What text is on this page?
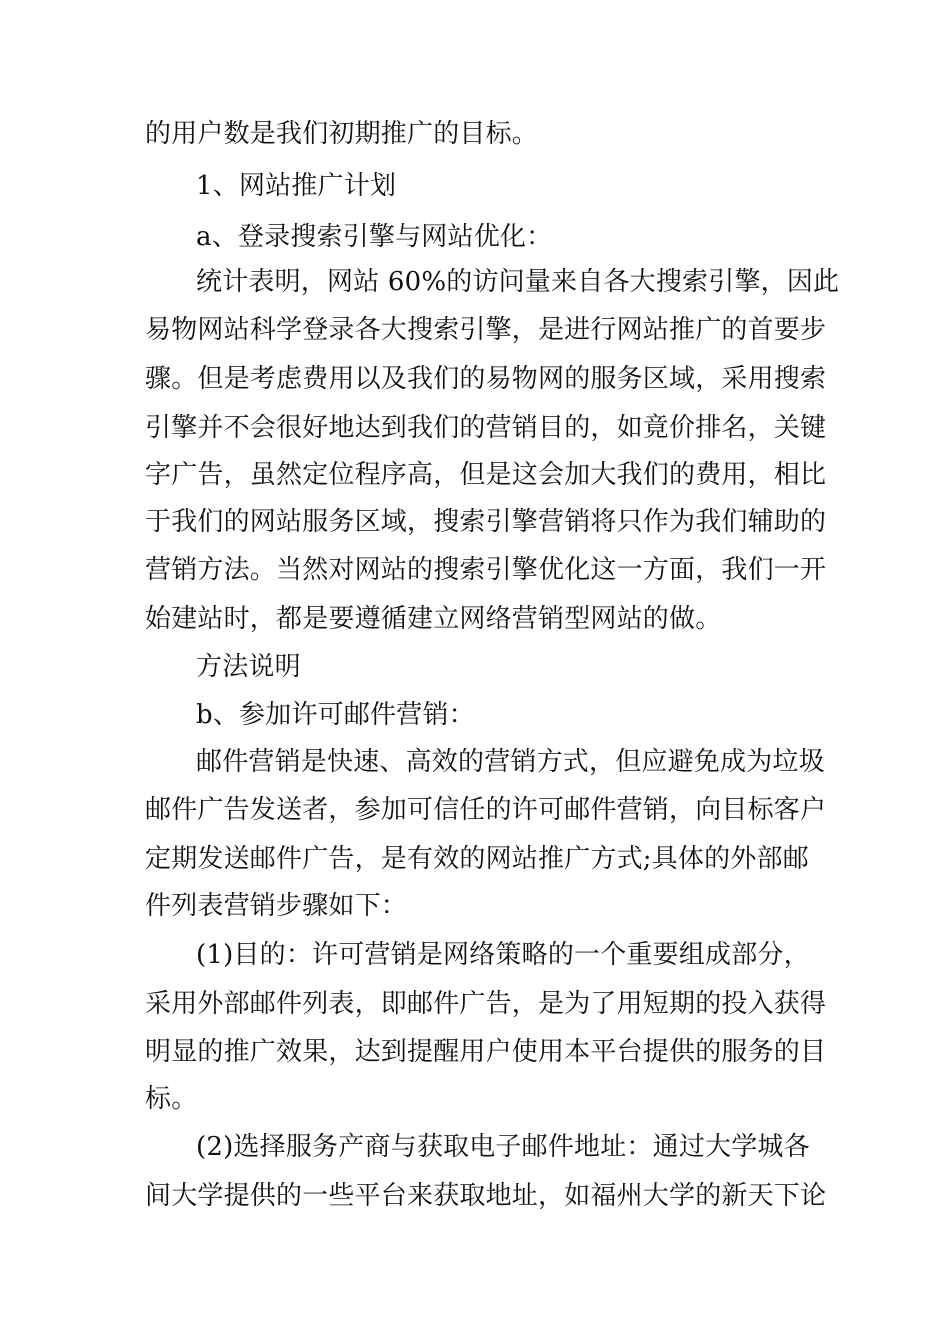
的用户数是我们初期推广的目标。
1、网站推广计划
a、登录搜索引擎与网站优化：
统计表明，网站 60%的访问量来自各大搜索引擎，因此
易物网站科学登录各大搜索引擎，是进行网站推广的首要步
骤。但是考虑费用以及我们的易物网的服务区域，采用搜索
引擎并不会很好地达到我们的营销目的，如竟价排名，关键
字广告，虽然定位程序高，但是这会加大我们的费用，相比
于我们的网站服务区域，搜索引擎营销将只作为我们辅助的
营销方法。当然对网站的搜索引擎优化这一方面，我们一开
始建站时，都是要遵循建立网络营销型网站的做。
方法说明
b、参加许可邮件营销：
邮件营销是快速、高效的营销方式，但应避免成为垃圾
邮件广告发送者，参加可信任的许可邮件营销，向目标客户
定期发送邮件广告，是有效的网站推广方式;具体的外部邮
件列表营销步骤如下：
(1)目的：许可营销是网络策略的一个重要组成部分，
采用外部邮件列表，即邮件广告，是为了用短期的投入获得
明显的推广效果，达到提醒用户使用本平台提供的服务的目
标。
(2)选择服务产商与获取电子邮件地址：通过大学城各
间大学提供的一些平台来获取地址，如福州大学的新天下论
